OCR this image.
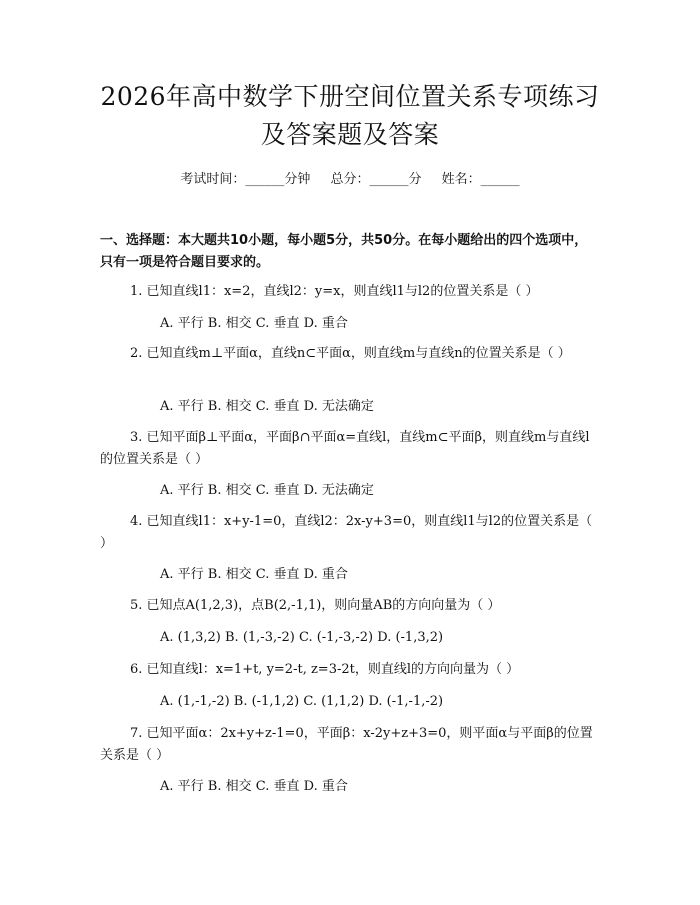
2026年高中数学下册空间位置关系专项练习
及答案题及答案
考试时间：______分钟 总分：______分 姓名：______
一、选择题：本大题共10小题，每小题5分，共50分。在每小题给出的四个选项中，只有一项是符合题目要求的。
1. 已知直线l1：x=2，直线l2：y=x，则直线l1与l2的位置关系是（ ）
A. 平行 B. 相交 C. 垂直 D. 重合
2. 已知直线m⊥平面α，直线n⊂平面α，则直线m与直线n的位置关系是（ ）
A. 平行 B. 相交 C. 垂直 D. 无法确定
3. 已知平面β⊥平面α，平面β∩平面α=直线l，直线m⊂平面β，则直线m与直线l的位置关系是（ ）
A. 平行 B. 相交 C. 垂直 D. 无法确定
4. 已知直线l1：x+y-1=0，直线l2：2x-y+3=0，则直线l1与l2的位置关系是（ ）
A. 平行 B. 相交 C. 垂直 D. 重合
5. 已知点A(1,2,3)，点B(2,-1,1)，则向量AB的方向向量为（ ）
A. (1,3,2) B. (1,-3,-2) C. (-1,-3,-2) D. (-1,3,2)
6. 已知直线l：x=1+t, y=2-t, z=3-2t，则直线l的方向向量为（ ）
A. (1,-1,-2) B. (-1,1,2) C. (1,1,2) D. (-1,-1,-2)
7. 已知平面α：2x+y+z-1=0，平面β：x-2y+z+3=0，则平面α与平面β的位置关系是（ ）
A. 平行 B. 相交 C. 垂直 D. 重合
